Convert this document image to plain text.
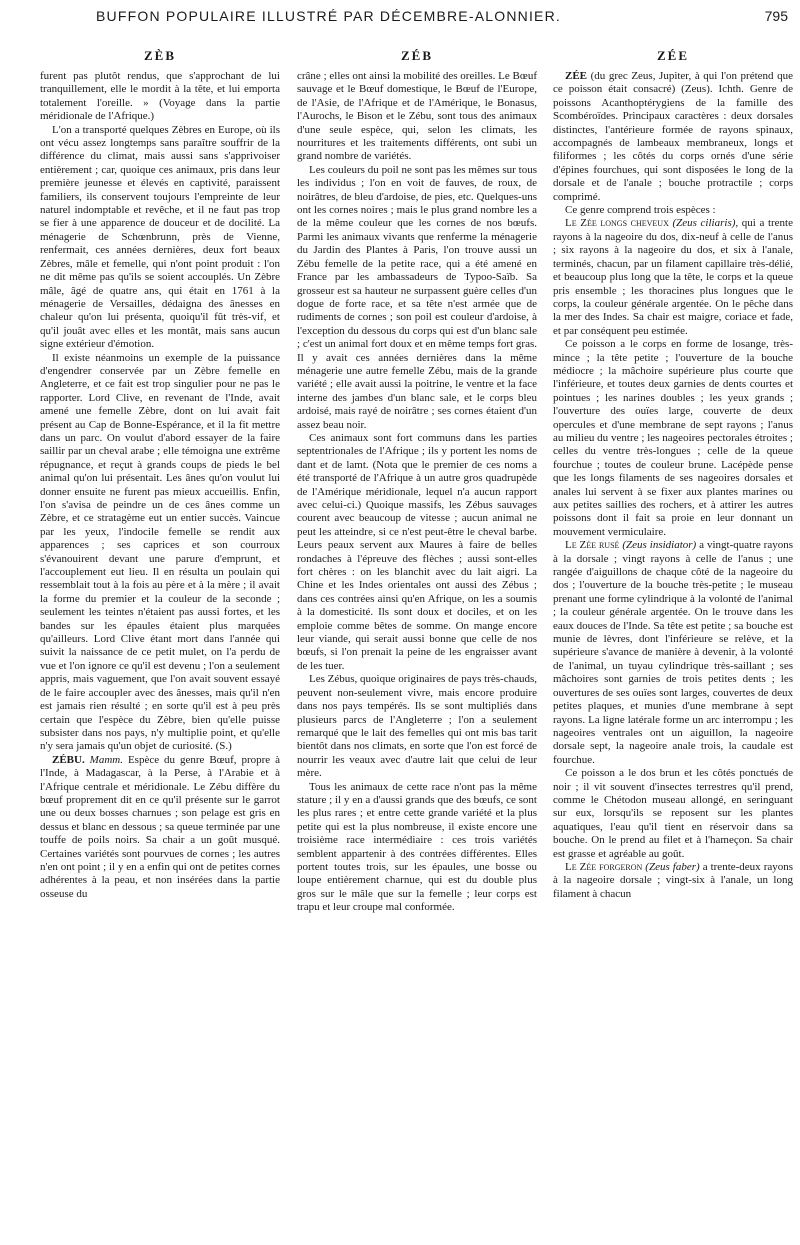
BUFFON POPULAIRE ILLUSTRÉ PAR DÉCEMBRE-ALONNIER.	795
ZÈB

furent pas plutôt rendus, que s'approchant de lui tranquillement, elle le mordit à la tête, et lui emporta totalement l'oreille. » (Voyage dans la partie méridionale de l'Afrique.)

L'on a transporté quelques Zèbres en Europe, où ils ont vécu assez longtemps sans paraître souffrir de la différence du climat, mais aussi sans s'apprivoiser entièrement ; car, quoique ces animaux, pris dans leur première jeunesse et élevés en captivité, paraissent familiers, ils conservent toujours l'empreinte de leur naturel indomptable et revêche, et il ne faut pas trop se fier à une apparence de douceur et de docilité. La ménagerie de Schœnbrunn, près de Vienne, renfermait, ces années dernières, deux fort beaux Zèbres, mâle et femelle, qui n'ont point produit : l'on ne dit même pas qu'ils se soient accouplés. Un Zèbre mâle, âgé de quatre ans, qui était en 1761 à la ménagerie de Versailles, dédaigna des ânesses en chaleur qu'on lui présenta, quoiqu'il fût très-vif, et qu'il jouât avec elles et les montât, mais sans aucun signe extérieur d'émotion.

Il existe néanmoins un exemple de la puissance d'engendrer conservée par un Zèbre femelle en Angleterre, et ce fait est trop singulier pour ne pas le rapporter. Lord Clive, en revenant de l'Inde, avait amené une femelle Zèbre, dont on lui avait fait présent au Cap de Bonne-Espérance, et il la fit mettre dans un parc. On voulut d'abord essayer de la faire saillir par un cheval arabe ; elle témoigna une extrême répugnance, et reçut à grands coups de pieds le bel animal qu'on lui présentait. Les ânes qu'on voulut lui donner ensuite ne furent pas mieux accueillis. Enfin, l'on s'avisa de peindre un de ces ânes comme un Zèbre, et ce stratagème eut un entier succès. Vaincue par les yeux, l'indocile femelle se rendit aux apparences ; ses caprices et son courroux s'évanouirent devant une parure d'emprunt, et l'accouplement eut lieu. Il en résulta un poulain qui ressemblait tout à la fois au père et à la mère ; il avait la forme du premier et la couleur de la seconde ; seulement les teintes n'étaient pas aussi fortes, et les bandes sur les épaules étaient plus marquées qu'ailleurs. Lord Clive étant mort dans l'année qui suivit la naissance de ce petit mulet, on l'a perdu de vue et l'on ignore ce qu'il est devenu ; l'on a seulement appris, mais vaguement, que l'on avait souvent essayé de le faire accoupler avec des ânesses, mais qu'il n'en est jamais rien résulté ; en sorte qu'il est à peu près certain que l'espèce du Zèbre, bien qu'elle puisse subsister dans nos pays, n'y multiplie point, et qu'elle n'y sera jamais qu'un objet de curiosité. (S.)

ZÉBU. Mamm. Espèce du genre Bœuf, propre à l'Inde, à Madagascar, à la Perse, à l'Arabie et à l'Afrique centrale et méridionale. Le Zébu diffère du bœuf proprement dit en ce qu'il présente sur le garrot une ou deux bosses charnues ; son pelage est gris en dessus et blanc en dessous ; sa queue terminée par une touffe de poils noirs. Sa chair a un goût musqué. Certaines variétés sont pourvues de cornes ; les autres n'en ont point ; il y en a enfin qui ont de petites cornes adhérentes à la peau, et non insérées dans la partie osseuse du

ZÉB

crâne ; elles ont ainsi la mobilité des oreilles. Le Bœuf sauvage et le Bœuf domestique, le Bœuf de l'Europe, de l'Asie, de l'Afrique et de l'Amérique, le Bonasus, l'Aurochs, le Bison et le Zébu, sont tous des animaux d'une seule espèce, qui, selon les climats, les nourritures et les traitements différents, ont subi un grand nombre de variétés.

Les couleurs du poil ne sont pas les mêmes sur tous les individus ; l'on en voit de fauves, de roux, de noirâtres, de bleu d'ardoise, de pies, etc. Quelques-uns ont les cornes noires ; mais le plus grand nombre les a de la même couleur que les cornes de nos bœufs. Parmi les animaux vivants que renferme la ménagerie du Jardin des Plantes à Paris, l'on trouve aussi un Zébu femelle de la petite race, qui a été amené en France par les ambassadeurs de Typoo-Saïb. Sa grosseur est sa hauteur ne surpassent guère celles d'un dogue de forte race, et sa tête n'est armée que de rudiments de cornes ; son poil est couleur d'ardoise, à l'exception du dessous du corps qui est d'un blanc sale ; c'est un animal fort doux et en même temps fort gras. Il y avait ces années dernières dans la même ménagerie une autre femelle Zébu, mais de la grande variété ; elle avait aussi la poitrine, le ventre et la face interne des jambes d'un blanc sale, et le corps bleu ardoisé, mais rayé de noirâtre ; ses cornes étaient d'un assez beau noir.

Ces animaux sont fort communs dans les parties septentrionales de l'Afrique ; ils y portent les noms de dant et de lamt. (Nota que le premier de ces noms a été transporté de l'Afrique à un autre gros quadrupède de l'Amérique méridionale, lequel n'a aucun rapport avec celui-ci.) Quoique massifs, les Zébus sauvages courent avec beaucoup de vitesse ; aucun animal ne peut les atteindre, si ce n'est peut-être le cheval barbe. Leurs peaux servent aux Maures à faire de belles rondaches à l'épreuve des flèches ; aussi sont-elles fort chères : on les blanchit avec du lait aigri. La Chine et les Indes orientales ont aussi des Zébus ; dans ces contrées ainsi qu'en Afrique, on les a soumis à la domesticité. Ils sont doux et dociles, et on les emploie comme bêtes de somme. On mange encore leur viande, qui serait aussi bonne que celle de nos bœufs, si l'on prenait la peine de les engraisser avant de les tuer.

Les Zébus, quoique originaires de pays très-chauds, peuvent non-seulement vivre, mais encore produire dans nos pays tempérés. Ils se sont multipliés dans plusieurs parcs de l'Angleterre ; l'on a seulement remarqué que le lait des femelles qui ont mis bas tarit bientôt dans nos climats, en sorte que l'on est forcé de nourrir les veaux avec d'autre lait que celui de leur mère.

Tous les animaux de cette race n'ont pas la même stature ; il y en a d'aussi grands que des bœufs, ce sont les plus rares ; et entre cette grande variété et la plus petite qui est la plus nombreuse, il existe encore une troisième race intermédiaire : ces trois variétés semblent appartenir à des contrées différentes. Elles portent toutes trois, sur les épaules, une bosse ou loupe entièrement charnue, qui est du double plus gros sur le mâle que sur la femelle ; leur corps est trapu et leur croupe mal conformée.

ZÉE

ZÉE (du grec Zeus, Jupiter, à qui l'on prétend que ce poisson était consacré) (Zeus). Ichth. Genre de poissons Acanthoptérygiens de la famille des Scombéroïdes. Principaux caractères : deux dorsales distinctes, l'antérieure formée de rayons spinaux, accompagnés de lambeaux membraneux, longs et filiformes ; les côtés du corps ornés d'une série d'épines fourchues, qui sont disposées le long de la dorsale et de l'anale ; bouche protractile ; corps comprimé.

Ce genre comprend trois espèces :

Le Zée longs cheveux (Zeus ciliaris), qui a trente rayons à la nageoire du dos, dix-neuf à celle de l'anus ; six rayons à la nageoire du dos, et six à l'anale, terminés, chacun, par un filament capillaire très-délié, et beaucoup plus long que la tête, le corps et la queue pris ensemble ; les thoracines plus longues que le corps, la couleur générale argentée. On le pêche dans la mer des Indes. Sa chair est maigre, coriace et fade, et par conséquent peu estimée.

Ce poisson a le corps en forme de losange, très-mince ; la tête petite ; l'ouverture de la bouche médiocre ; la mâchoire supérieure plus courte que l'inférieure, et toutes deux garnies de dents courtes et pointues ; les narines doubles ; les yeux grands ; l'ouverture des ouïes large, couverte de deux opercules et d'une membrane de sept rayons ; l'anus au milieu du ventre ; les nageoires pectorales étroites ; celles du ventre très-longues ; celle de la queue fourchue ; toutes de couleur brune. Lacépède pense que les longs filaments de ses nageoires dorsales et anales lui servent à se fixer aux plantes marines ou aux petites saillies des rochers, et à attirer les autres poissons dont il fait sa proie en leur donnant un mouvement vermiculaire.

Le Zée rusé (Zeus insidiator) a vingt-quatre rayons à la dorsale ; vingt rayons à celle de l'anus ; une rangée d'aiguillons de chaque côté de la nageoire du dos ; l'ouverture de la bouche très-petite ; le museau prenant une forme cylindrique à la volonté de l'animal ; la couleur générale argentée. On le trouve dans les eaux douces de l'Inde. Sa tête est petite ; sa bouche est munie de lèvres, dont l'inférieure se relève, et la supérieure s'avance de manière à devenir, à la volonté de l'animal, un tuyau cylindrique très-saillant ; ses mâchoires sont garnies de trois petites dents ; les ouvertures de ses ouïes sont larges, couvertes de deux petites plaques, et munies d'une membrane à sept rayons. La ligne latérale forme un arc interrompu ; les nageoires ventrales ont un aiguillon, la nageoire dorsale sept, la nageoire anale trois, la caudale est fourchue.

Ce poisson a le dos brun et les côtés ponctués de noir ; il vit souvent d'insectes terrestres qu'il prend, comme le Chétodon museau allongé, en seringuant sur eux, lorsqu'ils se reposent sur les plantes aquatiques, l'eau qu'il tient en réservoir dans sa bouche. On le prend au filet et à l'hameçon. Sa chair est grasse et agréable au goût.

Le Zée forgeron (Zeus faber) a trente-deux rayons à la nageoire dorsale ; vingt-six à l'anale, un long filament à chacun
